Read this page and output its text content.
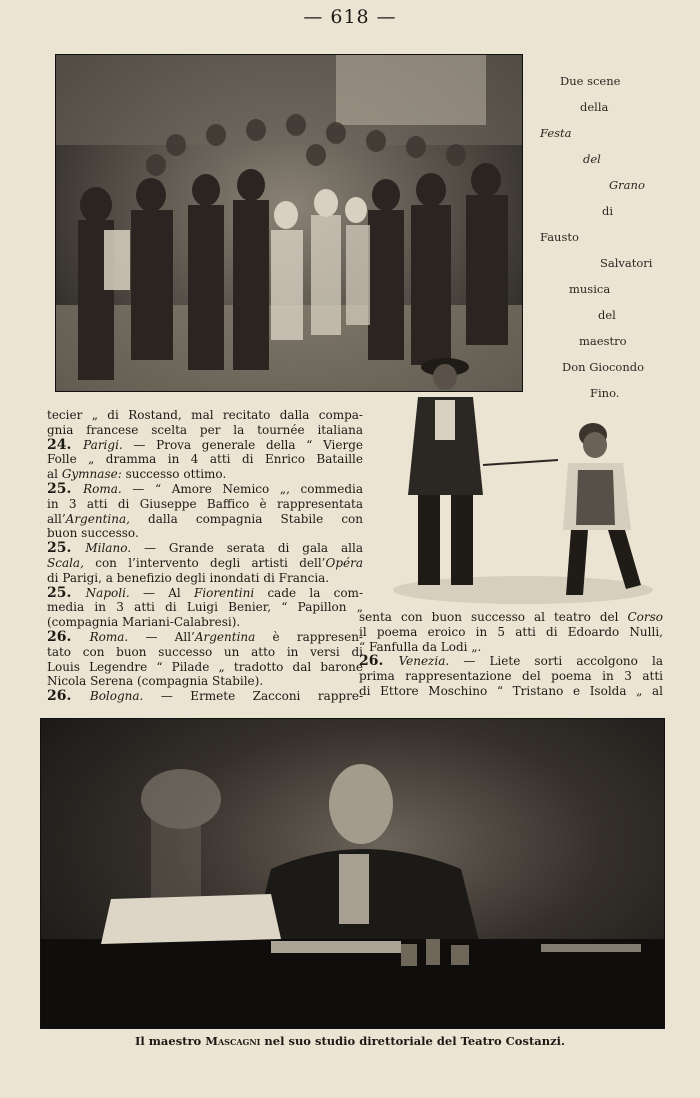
— 618 —
Due scene
della
Festa
del
Grano
di
Fausto
Salvatori
musica
del
maestro
Don Giocondo
Fino.
tecier „ di Rostand, mal recitato dalla compa-
gnia francese scelta per la tournée italiana
24. Parigi. — Prova generale della “ Vierge
Folle „ dramma in 4 atti di Enrico Bataille
al Gymnase: successo ottimo.
25. Roma. — “ Amore Nemico „, commedia
in 3 atti di Giuseppe Baffico è rappresentata
all’Argentina, dalla compagnia Stabile con
buon successo.
25. Milano. — Grande serata di gala alla
Scala, con l’intervento degli artisti dell’Opéra
di Parigi, a benefizio degli inondati di Francia.
25. Napoli. — Al Fiorentini cade la com-
media in 3 atti di Luigi Benier, “ Papillon „
(compagnia Mariani-Calabresi).
26. Roma. — All’Argentina è rappresen-
tato con buon successo un atto in versi di
Louis Legendre “ Pilade „ tradotto dal barone
Nicola Serena (compagnia Stabile).
26. Bologna. — Ermete Zacconi rappre-
senta con buon successo al teatro del Corso
il poema eroico in 5 atti di Edoardo Nulli,
“ Fanfulla da Lodi „.
26. Venezia. — Liete sorti accolgono la
prima rappresentazione del poema in 3 atti
di Ettore Moschino “ Tristano e Isolda „ al
Il maestro Mascagni nel suo studio direttoriale del Teatro Costanzi.
